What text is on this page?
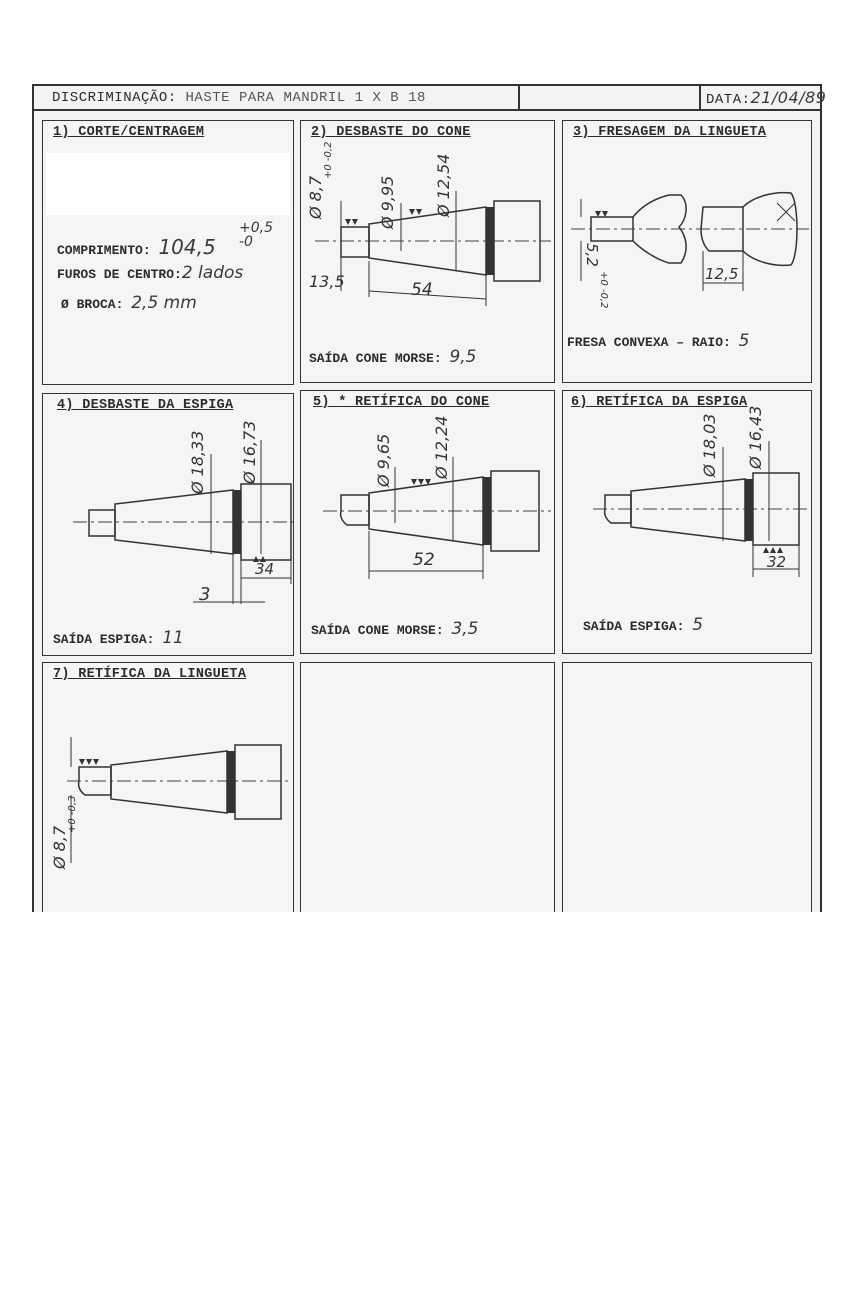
DISCRIMINAÇÃO: HASTE PARA MANDRIL 1 X B 18	DATA:21/04/89
1) CORTE/CENTRAGEM
+0,5
-0
COMPRIMENTO: 104,5
FUROS DE CENTRO:2 lados
Ø BROCA: 2,5 mm
2) DESBASTE DO CONE
Ø 8,7
+0 -0,2
Ø 9,95 Ø 12,54
13,5	54
SAÍDA CONE MORSE: 9,5
3) FRESAGEM DA LINGUETA
5,2
+0 -0,2	12,5
FRESA CONVEXA – RAIO: 5
4) DESBASTE DA ESPIGA
Ø 18,33 Ø 16,73
34
3
SAÍDA ESPIGA: 11
5) * RETÍFICA DO CONE
Ø 9,65 Ø 12,24
52
SAÍDA CONE MORSE: 3,5
6) RETÍFICA DA ESPIGA
Ø 18,03 Ø 16,43
32
SAÍDA ESPIGA: 5
7) RETÍFICA DA LINGUETA
Ø 8,7
+0 -0,3
